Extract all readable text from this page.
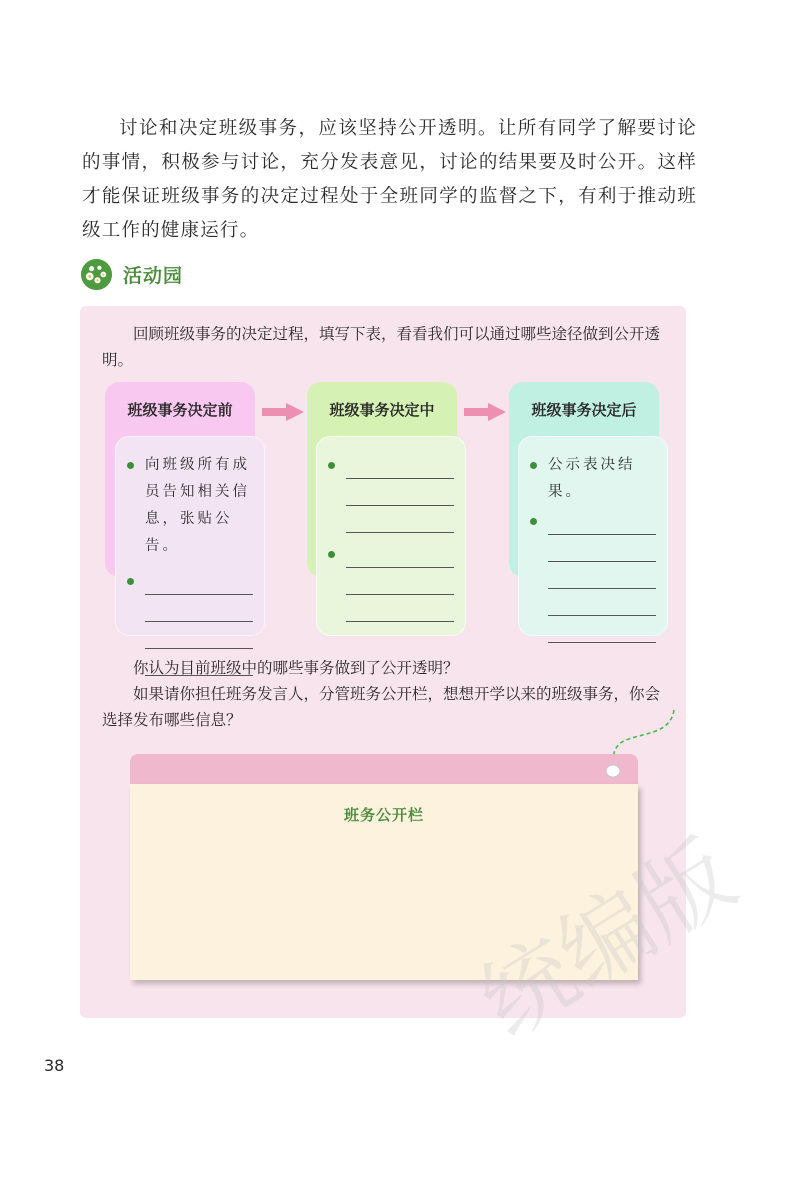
讨论和决定班级事务，应该坚持公开透明。让所有同学了解要讨论的事情，积极参与讨论，充分发表意见，讨论的结果要及时公开。这样才能保证班级事务的决定过程处于全班同学的监督之下，有利于推动班级工作的健康运行。

活动园

回顾班级事务的决定过程，填写下表，看看我们可以通过哪些途径做到公开透明。

班级事务决定前
向班级所有成员告知相关信息，张贴公告。
班级事务决定中	班级事务决定后
公示表决结果。

你认为目前班级中的哪些事务做到了公开透明？

如果请你担任班务发言人，分管班务公开栏，想想开学以来的班级事务，你会选择发布哪些信息？

班务公开栏
38
统编版
